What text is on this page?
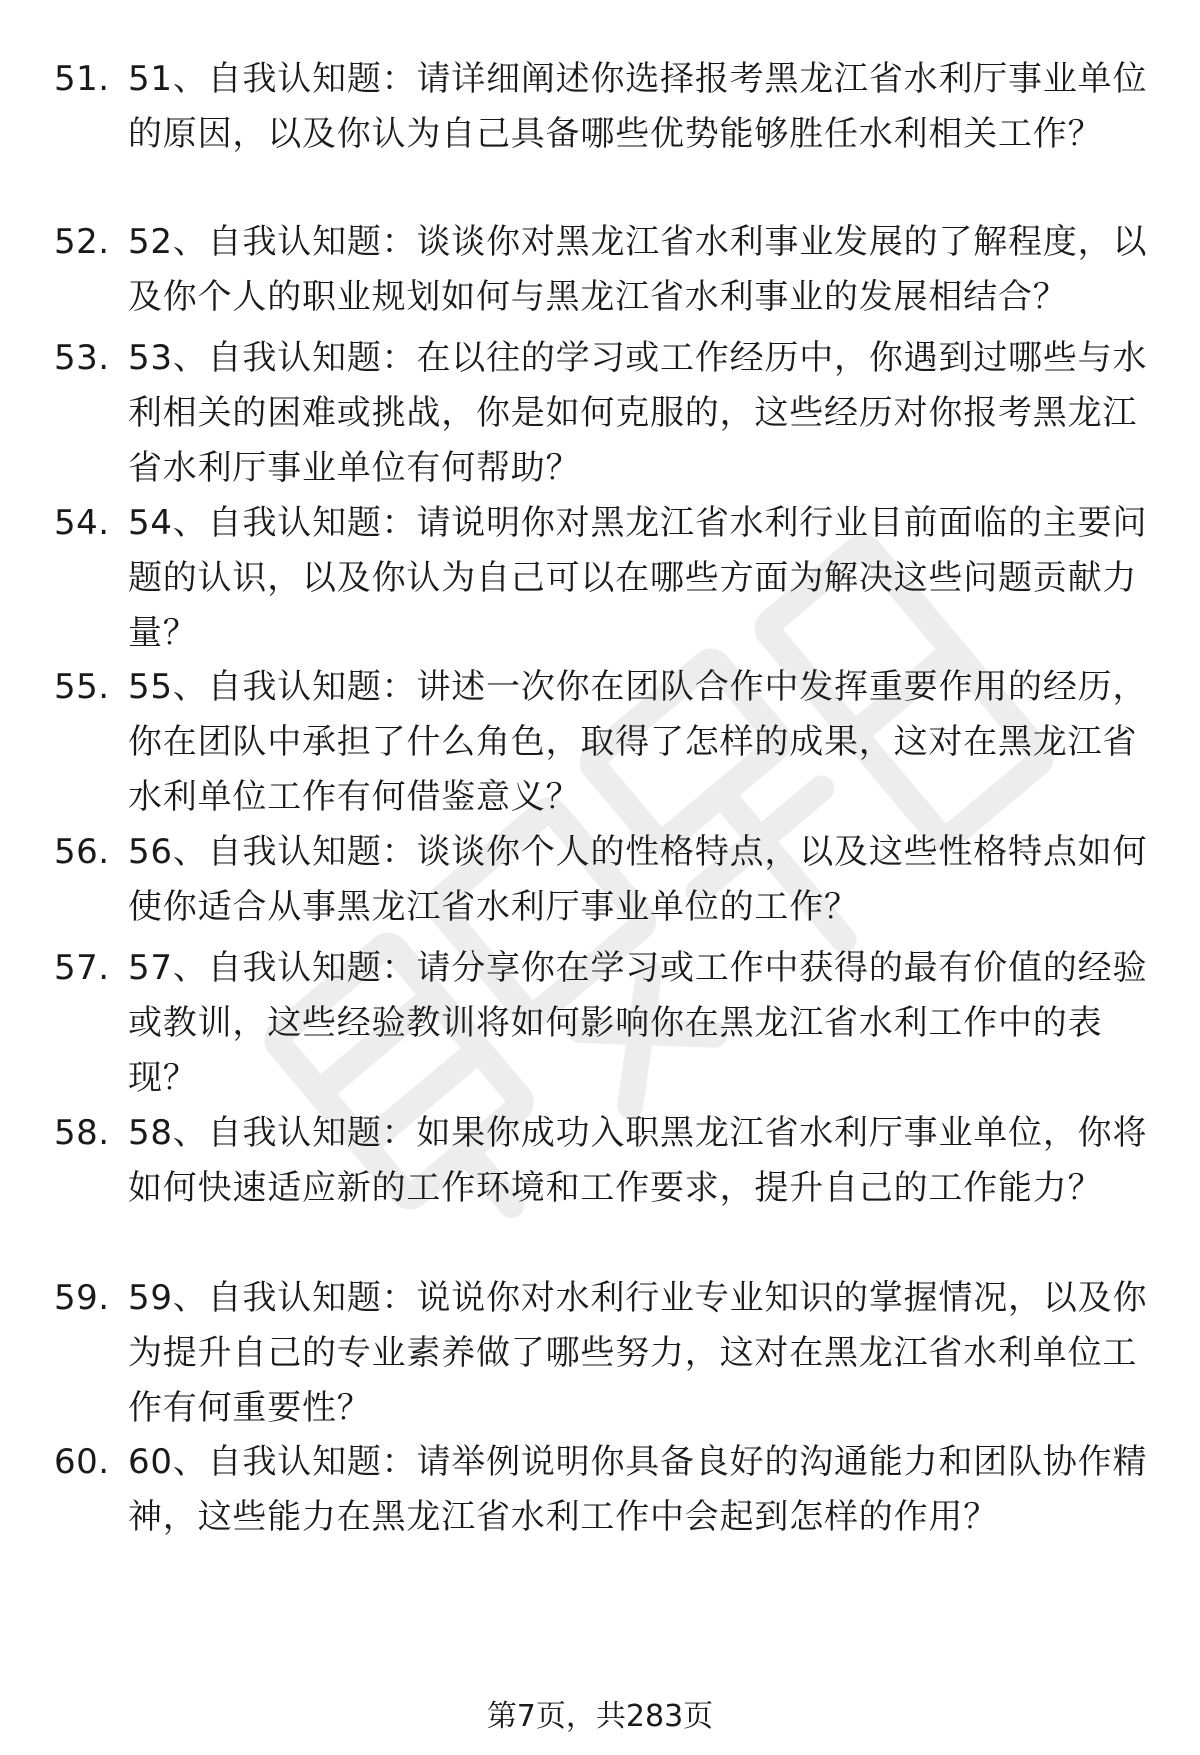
51. 51、自我认知题：请详细阐述你选择报考黑龙江省水利厅事业单位的原因，以及你认为自己具备哪些优势能够胜任水利相关工作？
52. 52、自我认知题：谈谈你对黑龙江省水利事业发展的了解程度，以及你个人的职业规划如何与黑龙江省水利事业的发展相结合？
53. 53、自我认知题：在以往的学习或工作经历中，你遇到过哪些与水利相关的困难或挑战，你是如何克服的，这些经历对你报考黑龙江省水利厅事业单位有何帮助？
54. 54、自我认知题：请说明你对黑龙江省水利行业目前面临的主要问题的认识，以及你认为自己可以在哪些方面为解决这些问题贡献力量？
55. 55、自我认知题：讲述一次你在团队合作中发挥重要作用的经历，你在团队中承担了什么角色，取得了怎样的成果，这对在黑龙江省水利单位工作有何借鉴意义？
56. 56、自我认知题：谈谈你个人的性格特点，以及这些性格特点如何使你适合从事黑龙江省水利厅事业单位的工作？
57. 57、自我认知题：请分享你在学习或工作中获得的最有价值的经验或教训，这些经验教训将如何影响你在黑龙江省水利工作中的表现？
58. 58、自我认知题：如果你成功入职黑龙江省水利厅事业单位，你将如何快速适应新的工作环境和工作要求，提升自己的工作能力？
59. 59、自我认知题：说说你对水利行业专业知识的掌握情况，以及你为提升自己的专业素养做了哪些努力，这对在黑龙江省水利单位工作有何重要性？
60. 60、自我认知题：请举例说明你具备良好的沟通能力和团队协作精神，这些能力在黑龙江省水利工作中会起到怎样的作用？
第7页，共283页
